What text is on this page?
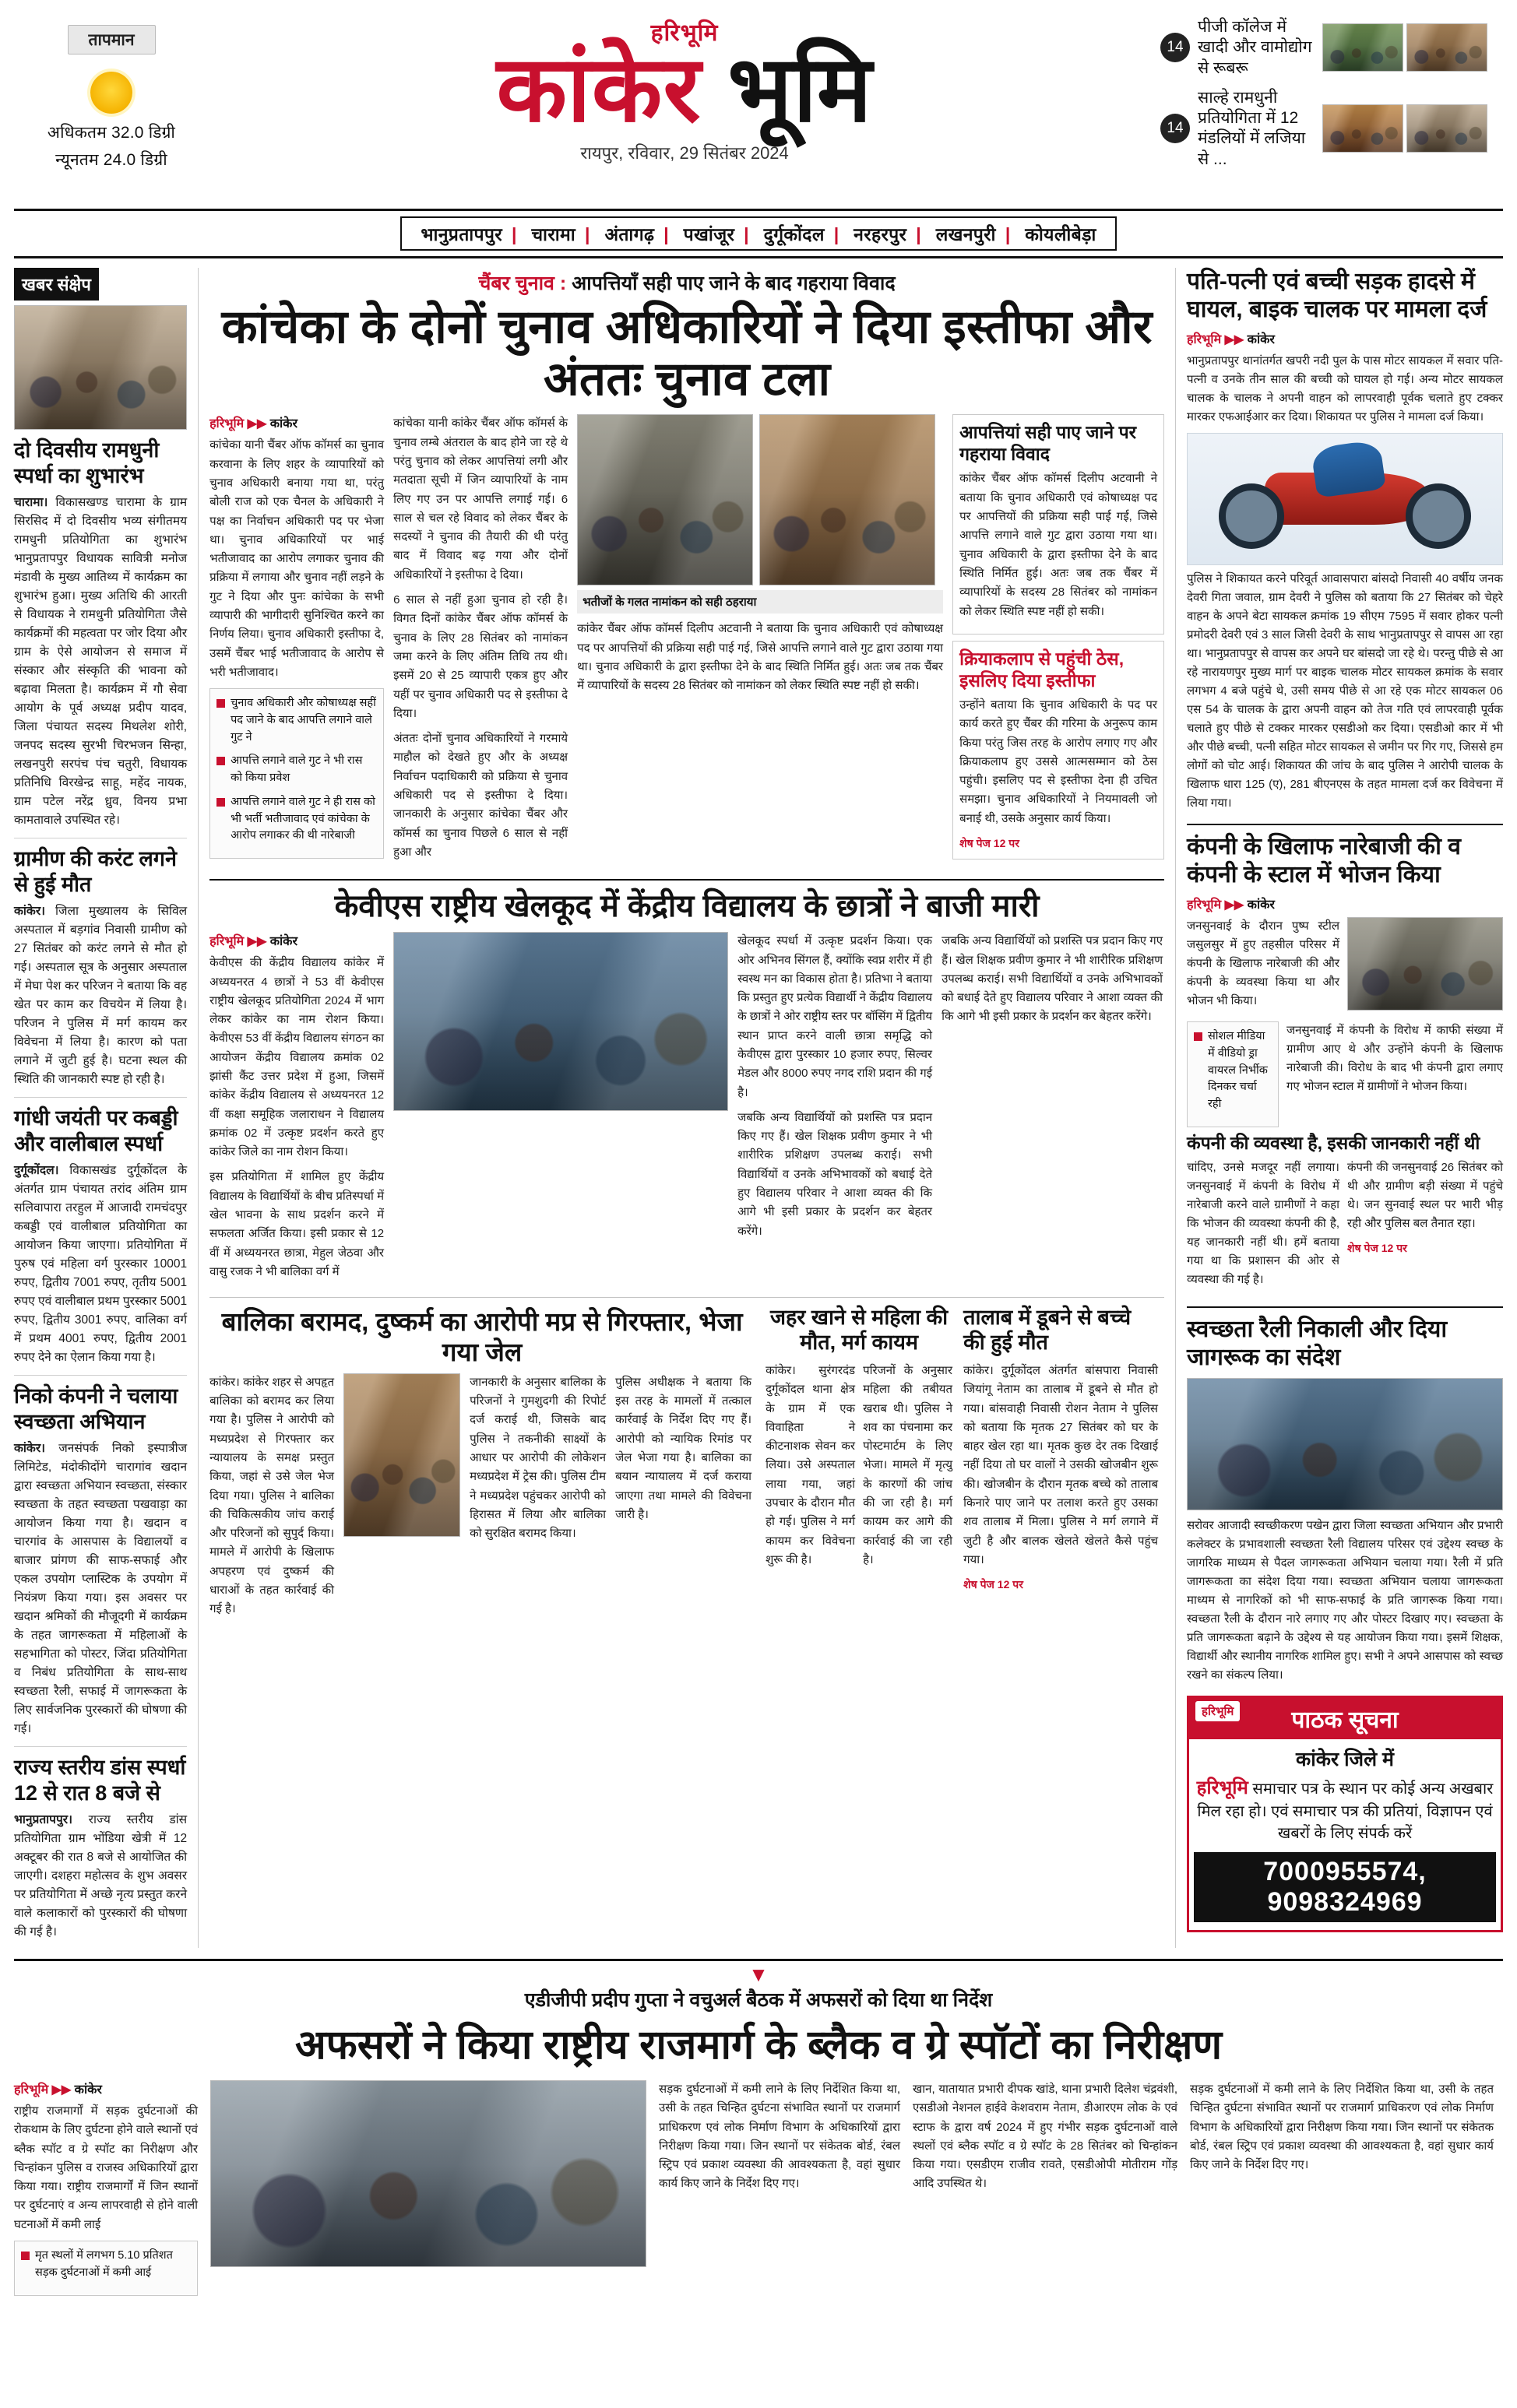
तापमान
अधिकतम 32.0 डिग्री
न्यूनतम 24.0 डिग्री
हरिभूमि
कांकेर भूमि
रायपुर, रविवार, 29 सितंबर 2024
14
पीजी कॉलेज में खादी और वामोद्योग से रूबरू
14
साल्हे रामधुनी प्रतियोगिता में 12 मंडलियों में लजिया से ...
भानुप्रतापपुर | चारामा | अंतागढ़ | पखांजूर | दुर्गूकोंदल | नरहरपुर | लखनपुरी | कोयलीबेड़ा
खबर संक्षेप
दो दिवसीय रामधुनी स्पर्धा का शुभारंभ

चारामा। विकासखण्ड चारामा के ग्राम सिरसिद में दो दिवसीय भव्य संगीतमय रामधुनी प्रतियोगिता का शुभारंभ भानुप्रतापपुर विधायक सावित्री मनोज मंडावी के मुख्य आतिथ्य में कार्यक्रम का शुभारंभ हुआ। मुख्य अतिथि की आरती से विधायक ने रामधुनी प्रतियोगिता जैसे कार्यक्रमों की महत्वता पर जोर दिया और ग्राम के ऐसे आयोजन से समाज में संस्कार और संस्कृति की भावना को बढ़ावा मिलता है। कार्यक्रम में गौ सेवा आयोग के पूर्व अध्यक्ष प्रदीप यादव, जिला पंचायत सदस्य मिथलेश शोरी, जनपद सदस्य सुरभी चिरभजन सिन्हा, लखनपुरी सरपंच पंच चतुरी, विधायक प्रतिनिधि विरखेन्द्र साहू, महेंद नायक, ग्राम पटेल नरेंद्र ध्रुव, विनय प्रभा कामतावाले उपस्थित रहे।

ग्रामीण की करंट लगने से हुई मौत

कांकेर। जिला मुख्यालय के सिविल अस्पताल में बड़गांव निवासी ग्रामीण को 27 सितंबर को करंट लगने से मौत हो गई। अस्पताल सूत्र के अनुसार अस्पताल में मेघा पेश कर परिजन ने बताया कि वह खेत पर काम कर विचयेन में लिया है। परिजन ने पुलिस में मर्ग कायम कर विवेचना में लिया है। कारण को पता लगाने में जुटी हुई है। घटना स्थल की स्थिति की जानकारी स्पष्ट हो रही है।

गांधी जयंती पर कबड्डी और वालीबाल स्पर्धा

दुर्गूकोंदल। विकासखंड दुर्गूकोंदल के अंतर्गत ग्राम पंचायत तरांद अंतिम ग्राम सलिवापारा तरहुल में आजादी रामचंदपुर कबड्डी एवं वालीबाल प्रतियोगिता का आयोजन किया जाएगा। प्रतियोगिता में पुरुष एवं महिला वर्ग पुरस्कार 10001 रुपए, द्वितीय 7001 रुपए, तृतीय 5001 रुपए एवं वालीबाल प्रथम पुरस्कार 5001 रुपए, द्वितीय 3001 रुपए, वालिका वर्ग में प्रथम 4001 रुपए, द्वितीय 2001 रुपए देने का ऐलान किया गया है।

निको कंपनी ने चलाया स्वच्छता अभियान

कांकेर। जनसंपर्क निको इस्पात्रीज लिमिटेड, मंदोकीदोंगे चारागांव खदान द्वारा स्वच्छता अभियान स्वच्छता, संस्कार स्वच्छता के तहत स्वच्छता पखवाड़ा का आयोजन किया गया है। खदान व चारगांव के आसपास के विद्यालयों व बाजार प्रांगण की साफ-सफाई और एकल उपयोग प्लास्टिक के उपयोग में नियंत्रण किया गया। इस अवसर पर खदान श्रमिकों की मौजूदगी में कार्यक्रम के तहत जागरूकता में महिलाओं के सहभागिता को पोस्टर, जिंदा प्रतियोगिता व निबंध प्रतियोगिता के साथ-साथ स्वच्छता रैली, सफाई में जागरूकता के लिए सार्वजनिक पुरस्कारों की घोषणा की गई।

राज्य स्तरीय डांस स्पर्धा 12 से रात 8 बजे से

भानुप्रतापपुर। राज्य स्तरीय डांस प्रतियोगिता ग्राम भोंडिया खेत्री में 12 अक्टूबर की रात 8 बजे से आयोजित की जाएगी। दशहरा महोत्सव के शुभ अवसर पर प्रतियोगिता में अच्छे नृत्य प्रस्तुत करने वाले कलाकारों को पुरस्कारों की घोषणा की गई है।

चैंबर चुनाव : आपत्तियाँ सही पाए जाने के बाद गहराया विवाद
कांचेका के दोनों चुनाव अधिकारियों ने दिया इस्तीफा और अंततः चुनाव टला
हरिभूमि ▶▶ कांकेर

कांचेका यानी चैंबर ऑफ कॉमर्स का चुनाव करवाना के लिए शहर के व्यापारियों को चुनाव अधिकारी बनाया गया था, परंतु बोली राज को एक चैनल के अधिकारी ने पक्ष का निर्वाचन अधिकारी पद पर भेजा था। चुनाव अधिकारियों पर भाई भतीजावाद का आरोप लगाकर चुनाव की प्रक्रिया में लगाया और चुनाव नहीं लड़ने के गुट ने दिया और पुनः कांचेका के सभी व्यापारी की भागीदारी सुनिश्चित करने का निर्णय लिया। चुनाव अधिकारी इस्तीफा दे, उसमें चैंबर भाई भतीजावाद के आरोप से भरी भतीजावाद।

चुनाव अधिकारी और कोषाध्यक्ष सहीं पद जाने के बाद आपत्ति लगाने वाले गुट ने
आपत्ति लगाने वाले गुट ने भी रास को किया प्रवेश
आपत्ति लगाने वाले गुट ने ही रास को भी भर्ती भतीजावाद एवं कांचेका के आरोप लगाकर की थी नारेबाजी

कांचेका यानी कांकेर चैंबर ऑफ कॉमर्स के चुनाव लम्बे अंतराल के बाद होने जा रहे थे परंतु चुनाव को लेकर आपत्तियां लगी और मतदाता सूची में जिन व्यापारियों के नाम लिए गए उन पर आपत्ति लगाई गई। 6 साल से चल रहे विवाद को लेकर चैंबर के सदस्यों ने चुनाव की तैयारी की थी परंतु बाद में विवाद बढ़ गया और दोनों अधिकारियों ने इस्तीफा दे दिया।

6 साल से नहीं हुआ चुनाव हो रही है। विगत दिनों कांकेर चैंबर ऑफ कॉमर्स के चुनाव के लिए 28 सितंबर को नामांकन जमा करने के लिए अंतिम तिथि तय थी। इसमें 20 से 25 व्यापारी एकत्र हुए और यहीं पर चुनाव अधिकारी पद से इस्तीफा दे दिया।

अंततः दोनों चुनाव अधिकारियों ने गरमाये माहौल को देखते हुए और के अध्यक्ष निर्वाचन पदाधिकारी को प्रक्रिया से चुनाव अधिकारी पद से इस्तीफा दे दिया। जानकारी के अनुसार कांचेका चैंबर और कॉमर्स का चुनाव पिछले 6 साल से नहीं हुआ और

भतीजों के गलत नामांकन को सही ठहराया

कांकेर चैंबर ऑफ कॉमर्स दिलीप अटवानी ने बताया कि चुनाव अधिकारी एवं कोषाध्यक्ष पद पर आपत्तियों की प्रक्रिया सही पाई गई, जिसे आपत्ति लगाने वाले गुट द्वारा उठाया गया था। चुनाव अधिकारी के द्वारा इस्तीफा देने के बाद स्थिति निर्मित हुई। अतः जब तक चैंबर में व्यापारियों के सदस्य 28 सितंबर को नामांकन को लेकर स्थिति स्पष्ट नहीं हो सकी।

आपत्तियां सही पाए जाने पर गहराया विवाद

कांकेर चैंबर ऑफ कॉमर्स दिलीप अटवानी ने बताया कि चुनाव अधिकारी एवं कोषाध्यक्ष पद पर आपत्तियों की प्रक्रिया सही पाई गई, जिसे आपत्ति लगाने वाले गुट द्वारा उठाया गया था। चुनाव अधिकारी के द्वारा इस्तीफा देने के बाद स्थिति निर्मित हुई। अतः जब तक चैंबर में व्यापारियों के सदस्य 28 सितंबर को नामांकन को लेकर स्थिति स्पष्ट नहीं हो सकी।

क्रियाकलाप से पहुंची ठेस, इसलिए दिया इस्तीफा

उन्होंने बताया कि चुनाव अधिकारी के पद पर कार्य करते हुए चैंबर की गरिमा के अनुरूप काम किया परंतु जिस तरह के आरोप लगाए गए और क्रियाकलाप हुए उससे आत्मसम्मान को ठेस पहुंची। इसलिए पद से इस्तीफा देना ही उचित समझा। चुनाव अधिकारियों ने नियमावली जो बनाई थी, उसके अनुसार कार्य किया।

शेष पेज 12 पर
केवीएस राष्ट्रीय खेलकूद में केंद्रीय विद्यालय के छात्रों ने बाजी मारी
हरिभूमि ▶▶ कांकेर

केवीएस की केंद्रीय विद्यालय कांकेर में अध्ययनरत 4 छात्रों ने 53 वीं केवीएस राष्ट्रीय खेलकूद प्रतियोगिता 2024 में भाग लेकर कांकेर का नाम रोशन किया। केवीएस 53 वीं केंद्रीय विद्यालय संगठन का आयोजन केंद्रीय विद्यालय क्रमांक 02 झांसी कैंट उत्तर प्रदेश में हुआ, जिसमें कांकेर केंद्रीय विद्यालय से अध्ययनरत 12 वीं कक्षा समूहिक जलाराधन ने विद्यालय क्रमांक 02 में उत्कृष्ट प्रदर्शन करते हुए कांकेर जिले का नाम रोशन किया।

इस प्रतियोगिता में शामिल हुए केंद्रीय विद्यालय के विद्यार्थियों के बीच प्रतिस्पर्धा में खेल भावना के साथ प्रदर्शन करने में सफलता अर्जित किया। इसी प्रकार से 12 वीं में अध्ययनरत छात्रा, मेहुल जेठवा और वासु रजक ने भी बालिका वर्ग में

खेलकूद स्पर्धा में उत्कृष्ट प्रदर्शन किया। एक ओर अभिनव सिंगल हैं, क्योंकि स्वप्न शरीर में ही स्वस्थ मन का विकास होता है। प्रतिभा ने बताया कि प्रस्तुत हुए प्रत्येक विद्यार्थी ने केंद्रीय विद्यालय के छात्रों ने ओर राष्ट्रीय स्तर पर बॉसिंग में द्वितीय स्थान प्राप्त करने वाली छात्रा समृद्धि को केवीएस द्वारा पुरस्कार 10 हजार रुपए, सिल्वर मेडल और 8000 रुपए नगद राशि प्रदान की गई है।

जबकि अन्य विद्यार्थियों को प्रशस्ति पत्र प्रदान किए गए हैं। खेल शिक्षक प्रवीण कुमार ने भी शारीरिक प्रशिक्षण उपलब्ध कराई। सभी विद्यार्थियों व उनके अभिभावकों को बधाई देते हुए विद्यालय परिवार ने आशा व्यक्त की कि आगे भी इसी प्रकार के प्रदर्शन कर बेहतर करेंगे।

जबकि अन्य विद्यार्थियों को प्रशस्ति पत्र प्रदान किए गए हैं। खेल शिक्षक प्रवीण कुमार ने भी शारीरिक प्रशिक्षण उपलब्ध कराई। सभी विद्यार्थियों व उनके अभिभावकों को बधाई देते हुए विद्यालय परिवार ने आशा व्यक्त की कि आगे भी इसी प्रकार के प्रदर्शन कर बेहतर करेंगे।

बालिका बरामद, दुष्कर्म का आरोपी मप्र से गिरफ्तार, भेजा गया जेल

कांकेर। कांकेर शहर से अपहृत बालिका को बरामद कर लिया गया है। पुलिस ने आरोपी को मध्यप्रदेश से गिरफ्तार कर न्यायालय के समक्ष प्रस्तुत किया, जहां से उसे जेल भेज दिया गया। पुलिस ने बालिका की चिकित्सकीय जांच कराई और परिजनों को सुपुर्द किया। मामले में आरोपी के खिलाफ अपहरण एवं दुष्कर्म की धाराओं के तहत कार्रवाई की गई है।

जानकारी के अनुसार बालिका के परिजनों ने गुमशुदगी की रिपोर्ट दर्ज कराई थी, जिसके बाद पुलिस ने तकनीकी साक्ष्यों के आधार पर आरोपी की लोकेशन मध्यप्रदेश में ट्रेस की। पुलिस टीम ने मध्यप्रदेश पहुंचकर आरोपी को हिरासत में लिया और बालिका को सुरक्षित बरामद किया।

पुलिस अधीक्षक ने बताया कि इस तरह के मामलों में तत्काल कार्रवाई के निर्देश दिए गए हैं। आरोपी को न्यायिक रिमांड पर जेल भेजा गया है। बालिका का बयान न्यायालय में दर्ज कराया जाएगा तथा मामले की विवेचना जारी है।

जहर खाने से महिला की मौत, मर्ग कायम

कांकेर। सुरंगरदंड दुर्गूकोंदल थाना क्षेत्र के ग्राम में एक विवाहिता ने कीटनाशक सेवन कर लिया। उसे अस्पताल लाया गया, जहां उपचार के दौरान मौत हो गई। पुलिस ने मर्ग कायम कर विवेचना शुरू की है।

परिजनों के अनुसार महिला की तबीयत खराब थी। पुलिस ने शव का पंचनामा कर पोस्टमार्टम के लिए भेजा। मामले में मृत्यु के कारणों की जांच की जा रही है। मर्ग कायम कर आगे की कार्रवाई की जा रही है।

तालाब में डूबने से बच्चे की हुई मौत

कांकेर। दुर्गूकोंदल अंतर्गत बांसपारा निवासी जियांगू नेताम का तालाब में डूबने से मौत हो गया। बांसवाही निवासी रोशन नेताम ने पुलिस को बताया कि मृतक 27 सितंबर को घर के बाहर खेल रहा था। मृतक कुछ देर तक दिखाई नहीं दिया तो घर वालों ने उसकी खोजबीन शुरू की। खोजबीन के दौरान मृतक बच्चे को तालाब किनारे पाए जाने पर तलाश करते हुए उसका शव तालाब में मिला। पुलिस ने मर्ग लगाने में जुटी है और बालक खेलते खेलते कैसे पहुंच गया।

शेष पेज 12 पर
पति-पत्नी एवं बच्ची सड़क हादसे में घायल, बाइक चालक पर मामला दर्ज
हरिभूमि ▶▶ कांकेर

भानुप्रतापपुर थानांतर्गत खपरी नदी पुल के पास मोटर सायकल में सवार पति-पत्नी व उनके तीन साल की बच्ची को घायल हो गई। अन्य मोटर सायकल चालक के चालक ने अपनी वाहन को लापरवाही पूर्वक चलाते हुए टक्कर मारकर एफआईआर कर दिया। शिकायत पर पुलिस ने मामला दर्ज किया।

पुलिस ने शिकायत करने परिवूर्त आवासपारा बांसदो निवासी 40 वर्षीय जनक देवरी गिता जवाल, ग्राम देवरी ने पुलिस को बताया कि 27 सितंबर को चेहरे वाहन के अपने बेटा सायकल क्रमांक 19 सीएम 7595 में सवार होकर पत्नी प्रमोदरी देवरी एवं 3 साल जिसी देवरी के साथ भानुप्रतापपुर से वापस आ रहा था। भानुप्रतापपुर से वापस कर अपने घर बांसदो जा रहे थे। परन्तु पीछे से आ रहे नारायणपुर मुख्य मार्ग पर बाइक चालक मोटर सायकल क्रमांक के सवार लगभग 4 बजे पहुंचे थे, उसी समय पीछे से आ रहे एक मोटर सायकल 06 एस 54 के चालक के द्वारा अपनी वाहन को तेज गति एवं लापरवाही पूर्वक चलाते हुए पीछे से टक्कर मारकर एसडीओ कर दिया। एसडीओ कार में भी और पीछे बच्ची, पत्नी सहित मोटर सायकल से जमीन पर गिर गए, जिससे हम लोगों को चोट आई। शिकायत की जांच के बाद पुलिस ने आरोपी चालक के खिलाफ धारा 125 (ए), 281 बीएनएस के तहत मामला दर्ज कर विवेचना में लिया गया।

कंपनी के खिलाफ नारेबाजी की व कंपनी के स्टाल में भोजन किया
हरिभूमि ▶▶ कांकेर

जनसुनवाई के दौरान पुष्प स्टील जसुलसुर में हुए तहसील परिसर में कंपनी के खिलाफ नारेबाजी की और कंपनी के व्यवस्था किया था और भोजन भी किया।

सोशल मीडिया में वीडियो ड्रा वायरल निर्भीक दिनकर चर्चा रही

जनसुनवाई में कंपनी के विरोध में काफी संख्या में ग्रामीण आए थे और उन्होंने कंपनी के खिलाफ नारेबाजी की। विरोध के बाद भी कंपनी द्वारा लगाए गए भोजन स्टाल में ग्रामीणों ने भोजन किया।

कंपनी की व्यवस्था है, इसकी जानकारी नहीं थी

चांदिए, उनसे मजदूर नहीं लगाया। जनसुनवाई में कंपनी के विरोध में नारेबाजी करने वाले ग्रामीणों ने कहा कि भोजन की व्यवस्था कंपनी की है, यह जानकारी नहीं थी। हमें बताया गया था कि प्रशासन की ओर से व्यवस्था की गई है।

कंपनी की जनसुनवाई 26 सितंबर को थी और ग्रामीण बड़ी संख्या में पहुंचे थे। जन सुनवाई स्थल पर भारी भीड़ रही और पुलिस बल तैनात रहा।

शेष पेज 12 पर
स्वच्छता रैली निकाली और दिया जागरूक का संदेश

सरोवर आजादी स्वच्छीकरण पखेन द्वारा जिला स्वच्छता अभियान और प्रभारी कलेक्टर के प्रभावशाली स्वच्छता रैली विद्यालय परिसर एवं उद्देश्य स्वच्छ के जागरिक माध्यम से पैदल जागरूकता अभियान चलाया गया। रैली में प्रति जागरूकता का संदेश दिया गया। स्वच्छता अभियान चलाया जागरूकता माध्यम से नागरिकों को भी साफ-सफाई के प्रति जागरूक किया गया। स्वच्छता रैली के दौरान नारे लगाए गए और पोस्टर दिखाए गए। स्वच्छता के प्रति जागरूकता बढ़ाने के उद्देश्य से यह आयोजन किया गया। इसमें शिक्षक, विद्यार्थी और स्थानीय नागरिक शामिल हुए। सभी ने अपने आसपास को स्वच्छ रखने का संकल्प लिया।

हरिभूमि पाठक सूचना
कांकेर जिले में
हरिभूमि समाचार पत्र के स्थान पर कोई अन्य अखबार मिल रहा हो। एवं समाचार पत्र की प्रतियां, विज्ञापन एवं खबरों के लिए संपर्क करें
7000955574, 9098324969
▼
एडीजीपी प्रदीप गुप्ता ने वचुअर्ल बैठक में अफसरों को दिया था निर्देश
अफसरों ने किया राष्ट्रीय राजमार्ग के ब्लैक व ग्रे स्पॉटों का निरीक्षण
हरिभूमि ▶▶ कांकेर

राष्ट्रीय राजमार्गों में सड़क दुर्घटनाओं की रोकथाम के लिए दुर्घटना होने वाले स्थानों एवं ब्लैक स्पॉट व ग्रे स्पॉट का निरीक्षण और चिन्हांकन पुलिस व राजस्व अधिकारियों द्वारा किया गया। राष्ट्रीय राजमार्गों में जिन स्थानों पर दुर्घटनाएं व अन्य लापरवाही से होने वाली घटनाओं में कमी लाई

मृत स्थलों में लगभग 5.10 प्रतिशत सड़क दुर्घटनाओं में कमी आई

सड़क दुर्घटनाओं में कमी लाने के लिए निर्देशित किया था, उसी के तहत चिन्हित दुर्घटना संभावित स्थानों पर राजमार्ग प्राधिकरण एवं लोक निर्माण विभाग के अधिकारियों द्वारा निरीक्षण किया गया। जिन स्थानों पर संकेतक बोर्ड, रंबल स्ट्रिप एवं प्रकाश व्यवस्था की आवश्यकता है, वहां सुधार कार्य किए जाने के निर्देश दिए गए।

खान, यातायात प्रभारी दीपक खांडे, थाना प्रभारी दिलेश चंद्रवंशी, एसडीओ नेशनल हाईवे केशवराम नेताम, डीआरएम लोक के एवं स्टाफ के द्वारा वर्ष 2024 में हुए गंभीर सड़क दुर्घटनाओं वाले स्थलों एवं ब्लैक स्पॉट व ग्रे स्पॉट के 28 सितंबर को चिन्हांकन किया गया। एसडीएम राजीव रावते, एसडीओपी मोतीराम गोंड़ आदि उपस्थित थे।

सड़क दुर्घटनाओं में कमी लाने के लिए निर्देशित किया था, उसी के तहत चिन्हित दुर्घटना संभावित स्थानों पर राजमार्ग प्राधिकरण एवं लोक निर्माण विभाग के अधिकारियों द्वारा निरीक्षण किया गया। जिन स्थानों पर संकेतक बोर्ड, रंबल स्ट्रिप एवं प्रकाश व्यवस्था की आवश्यकता है, वहां सुधार कार्य किए जाने के निर्देश दिए गए।
